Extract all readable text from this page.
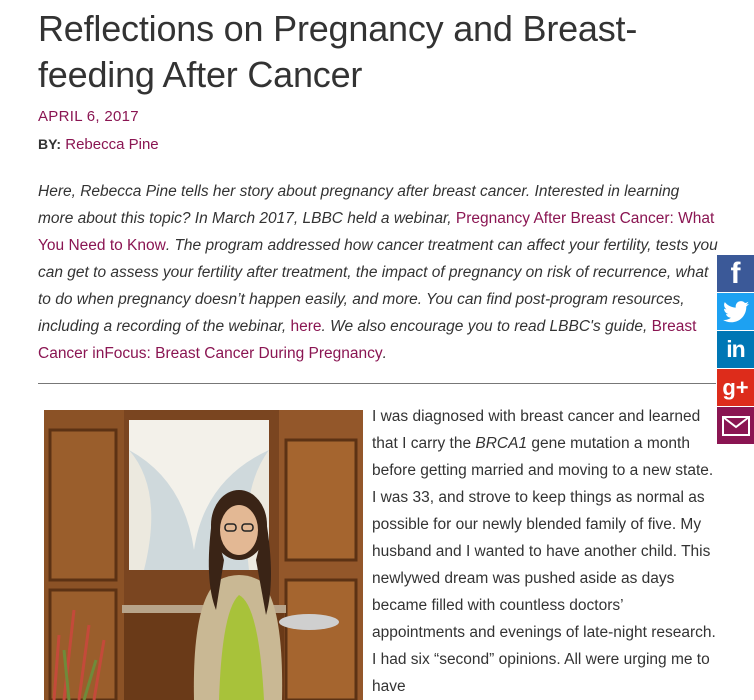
Reflections on Pregnancy and Breast-feeding After Cancer
APRIL 6, 2017
BY: Rebecca Pine

Here, Rebecca Pine tells her story about pregnancy after breast cancer. Interested in learning more about this topic? In March 2017, LBBC held a webinar, Pregnancy After Breast Cancer: What You Need to Know. The program addressed how cancer treatment can affect your fertility, tests you can get to assess your fertility after treatment, the impact of pregnancy on risk of recurrence, what to do when pregnancy doesn’t happen easily, and more. You can find post-program resources, including a recording of the webinar, here. We also encourage you to read LBBC's guide, Breast Cancer inFocus: Breast Cancer During Pregnancy.

I was diagnosed with breast cancer and learned that I carry the BRCA1 gene mutation a month before getting married and moving to a new state. I was 33, and strove to keep things as normal as possible for our newly blended family of five. My husband and I wanted to have another child. This newlywed dream was pushed aside as days became filled with countless doctors’ appointments and evenings of late-night research. I had six “second” opinions. All were urging me to have

f
in
g+
